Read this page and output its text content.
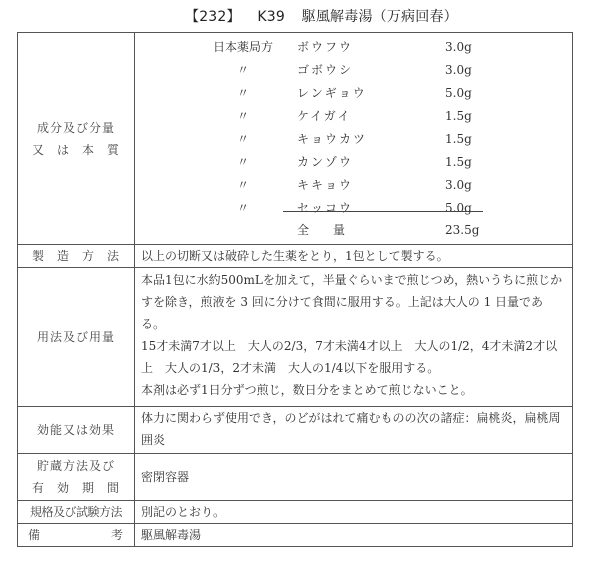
【232】 K39 駆風解毒湯（万病回春）
成分及び分量
又 は 本 質

日本薬局方	ボウフウ	3.0g
〃	ゴボウシ	3.0g
〃	レンギョウ	5.0g
〃	ケイガイ	1.5g
〃	キョウカツ	1.5g
〃	カンゾウ	1.5g
〃	キキョウ	3.0g
〃	セッコウ	5.0g
全　　量	23.5g

製 造 方 法	以上の切断又は破砕した生薬をとり，1包として製する。
用法及び用量	本品1包に水約500mLを加えて，半量ぐらいまで煎じつめ，熱いうちに煎じかすを除き，煎液を 3 回に分けて食間に服用する。上記は大人の 1 日量である。

15才未満7才以上　大人の2/3，7才未満4才以上　大人の1/2，4才未満2才以上　大人の1/3，2才未満　大人の1/4以下を服用する。

本剤は必ず1日分ずつ煎じ，数日分をまとめて煎じないこと。

効能又は効果	体力に関わらず使用でき，のどがはれて痛むものの次の諸症：扁桃炎，扁桃周囲炎

貯蔵方法及び
有 効 期 間	密閉容器
規格及び試験方法	別記のとおり。

備 考	駆風解毒湯
